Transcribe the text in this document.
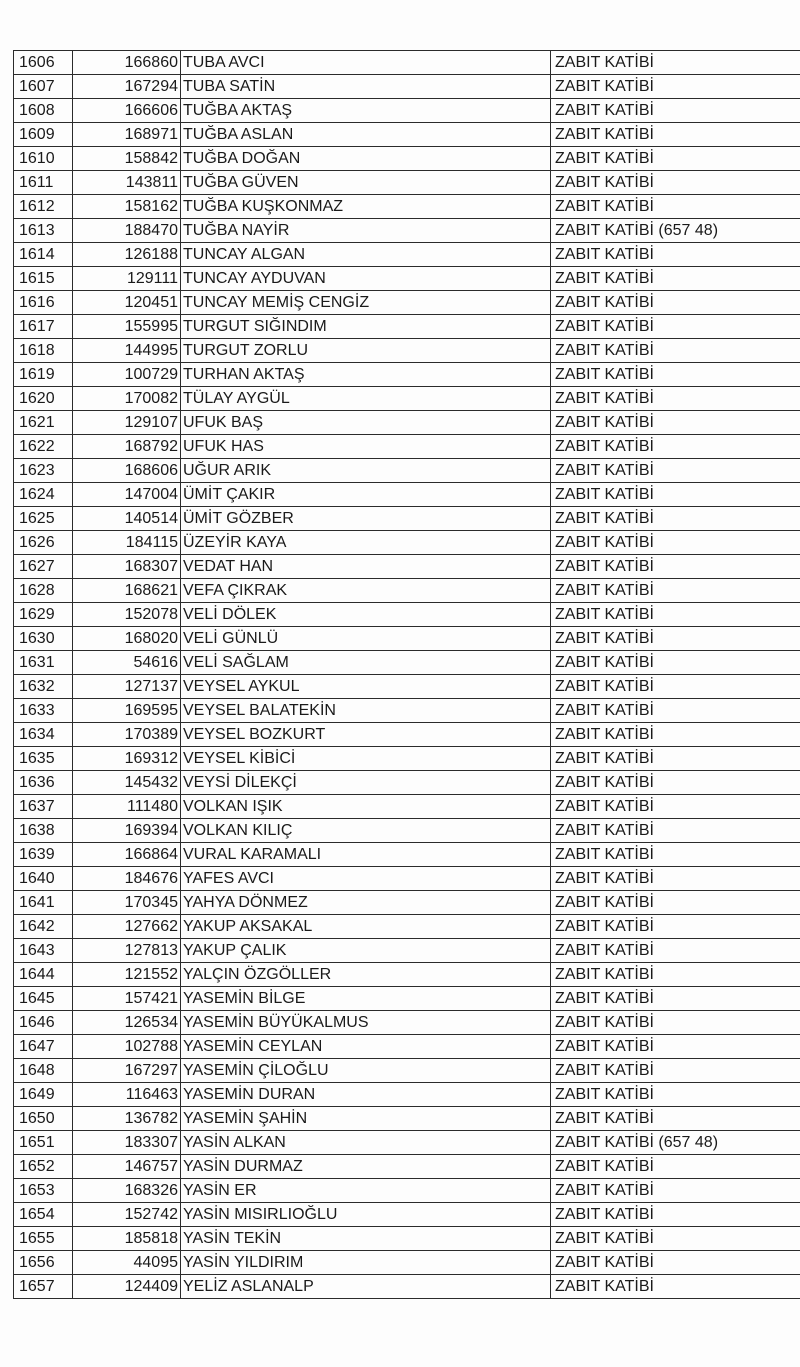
1606	166860	TUBA AVCI	ZABIT KATİBİ
1607	167294	TUBA SATİN	ZABIT KATİBİ
1608	166606	TUĞBA AKTAŞ	ZABIT KATİBİ
1609	168971	TUĞBA ASLAN	ZABIT KATİBİ
1610	158842	TUĞBA DOĞAN	ZABIT KATİBİ
1611	143811	TUĞBA GÜVEN	ZABIT KATİBİ
1612	158162	TUĞBA KUŞKONMAZ	ZABIT KATİBİ
1613	188470	TUĞBA NAYİR	ZABIT KATİBİ (657 48)
1614	126188	TUNCAY ALGAN	ZABIT KATİBİ
1615	129111	TUNCAY AYDUVAN	ZABIT KATİBİ
1616	120451	TUNCAY MEMİŞ CENGİZ	ZABIT KATİBİ
1617	155995	TURGUT SIĞINDIM	ZABIT KATİBİ
1618	144995	TURGUT ZORLU	ZABIT KATİBİ
1619	100729	TURHAN AKTAŞ	ZABIT KATİBİ
1620	170082	TÜLAY AYGÜL	ZABIT KATİBİ
1621	129107	UFUK BAŞ	ZABIT KATİBİ
1622	168792	UFUK HAS	ZABIT KATİBİ
1623	168606	UĞUR ARIK	ZABIT KATİBİ
1624	147004	ÜMİT ÇAKIR	ZABIT KATİBİ
1625	140514	ÜMİT GÖZBER	ZABIT KATİBİ
1626	184115	ÜZEYİR KAYA	ZABIT KATİBİ
1627	168307	VEDAT HAN	ZABIT KATİBİ
1628	168621	VEFA ÇIKRAK	ZABIT KATİBİ
1629	152078	VELİ DÖLEK	ZABIT KATİBİ
1630	168020	VELİ GÜNLÜ	ZABIT KATİBİ
1631	54616	VELİ SAĞLAM	ZABIT KATİBİ
1632	127137	VEYSEL AYKUL	ZABIT KATİBİ
1633	169595	VEYSEL BALATEKİN	ZABIT KATİBİ
1634	170389	VEYSEL BOZKURT	ZABIT KATİBİ
1635	169312	VEYSEL KİBİCİ	ZABIT KATİBİ
1636	145432	VEYSİ DİLEKÇİ	ZABIT KATİBİ
1637	111480	VOLKAN IŞIK	ZABIT KATİBİ
1638	169394	VOLKAN KILIÇ	ZABIT KATİBİ
1639	166864	VURAL KARAMALI	ZABIT KATİBİ
1640	184676	YAFES AVCI	ZABIT KATİBİ
1641	170345	YAHYA DÖNMEZ	ZABIT KATİBİ
1642	127662	YAKUP AKSAKAL	ZABIT KATİBİ
1643	127813	YAKUP ÇALIK	ZABIT KATİBİ
1644	121552	YALÇIN ÖZGÖLLER	ZABIT KATİBİ
1645	157421	YASEMİN BİLGE	ZABIT KATİBİ
1646	126534	YASEMİN BÜYÜKALMUS	ZABIT KATİBİ
1647	102788	YASEMİN CEYLAN	ZABIT KATİBİ
1648	167297	YASEMİN ÇİLOĞLU	ZABIT KATİBİ
1649	116463	YASEMİN DURAN	ZABIT KATİBİ
1650	136782	YASEMİN ŞAHİN	ZABIT KATİBİ
1651	183307	YASİN ALKAN	ZABIT KATİBİ (657 48)
1652	146757	YASİN DURMAZ	ZABIT KATİBİ
1653	168326	YASİN ER	ZABIT KATİBİ
1654	152742	YASİN MISIRLIOĞLU	ZABIT KATİBİ
1655	185818	YASİN TEKİN	ZABIT KATİBİ
1656	44095	YASİN YILDIRIM	ZABIT KATİBİ
1657	124409	YELİZ ASLANALP	ZABIT KATİBİ
